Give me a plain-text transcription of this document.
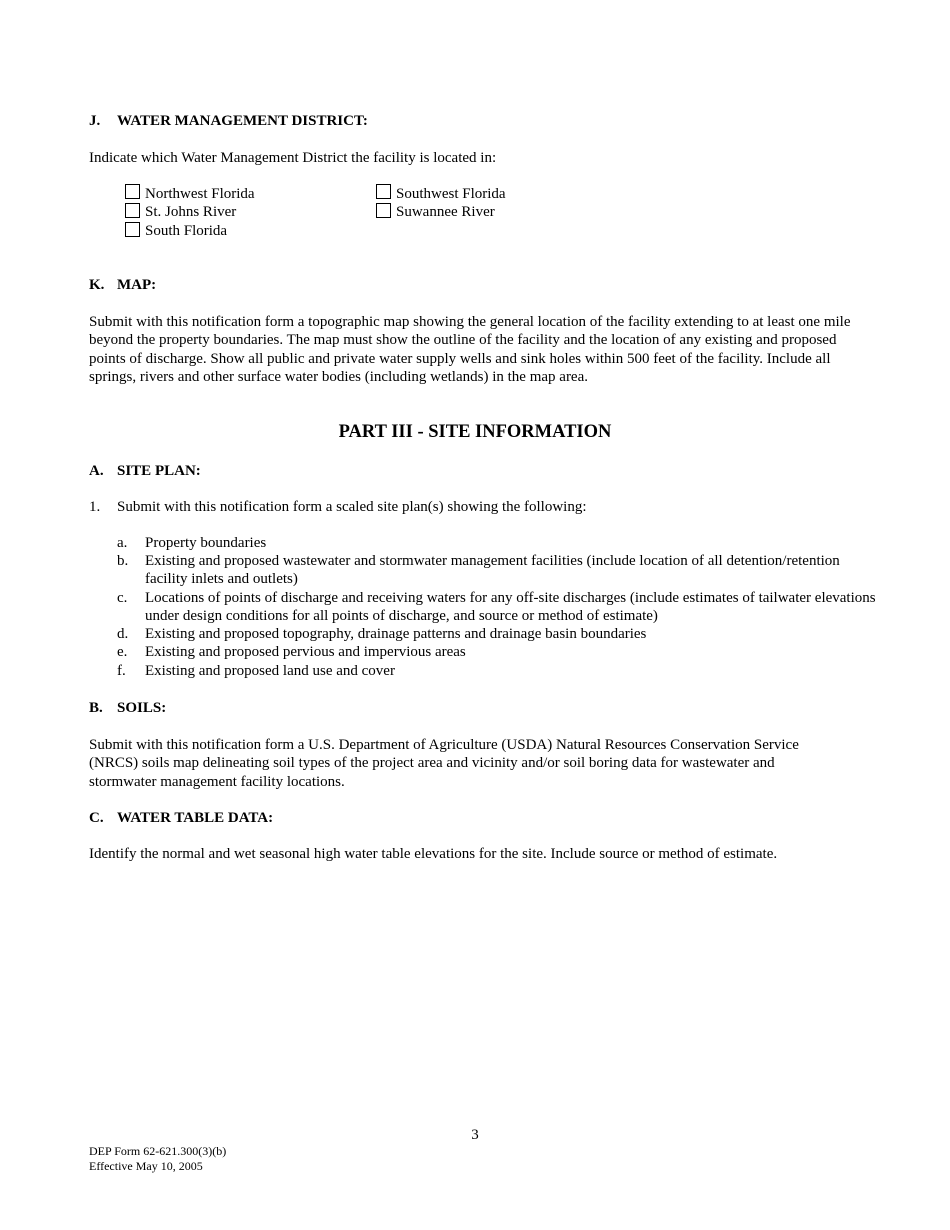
J. WATER MANAGEMENT DISTRICT:
Indicate which Water Management District the facility is located in:
Northwest Florida
St. Johns River
South Florida
Southwest Florida
Suwannee River
K. MAP:
Submit with this notification form a topographic map showing the general location of the facility extending to at least one mile beyond the property boundaries. The map must show the outline of the facility and the location of any existing and proposed points of discharge. Show all public and private water supply wells and sink holes within 500 feet of the facility. Include all springs, rivers and other surface water bodies (including wetlands) in the map area.
PART III - SITE INFORMATION
A. SITE PLAN:
1. Submit with this notification form a scaled site plan(s) showing the following:
a. Property boundaries
b. Existing and proposed wastewater and stormwater management facilities (include location of all detention/retention facility inlets and outlets)
c. Locations of points of discharge and receiving waters for any off-site discharges (include estimates of tailwater elevations under design conditions for all points of discharge, and source or method of estimate)
d. Existing and proposed topography, drainage patterns and drainage basin boundaries
e. Existing and proposed pervious and impervious areas
f. Existing and proposed land use and cover
B. SOILS:
Submit with this notification form a U.S. Department of Agriculture (USDA) Natural Resources Conservation Service (NRCS) soils map delineating soil types of the project area and vicinity and/or soil boring data for wastewater and stormwater management facility locations.
C. WATER TABLE DATA:
Identify the normal and wet seasonal high water table elevations for the site. Include source or method of estimate.
3
DEP Form 62-621.300(3)(b)
Effective May 10, 2005
